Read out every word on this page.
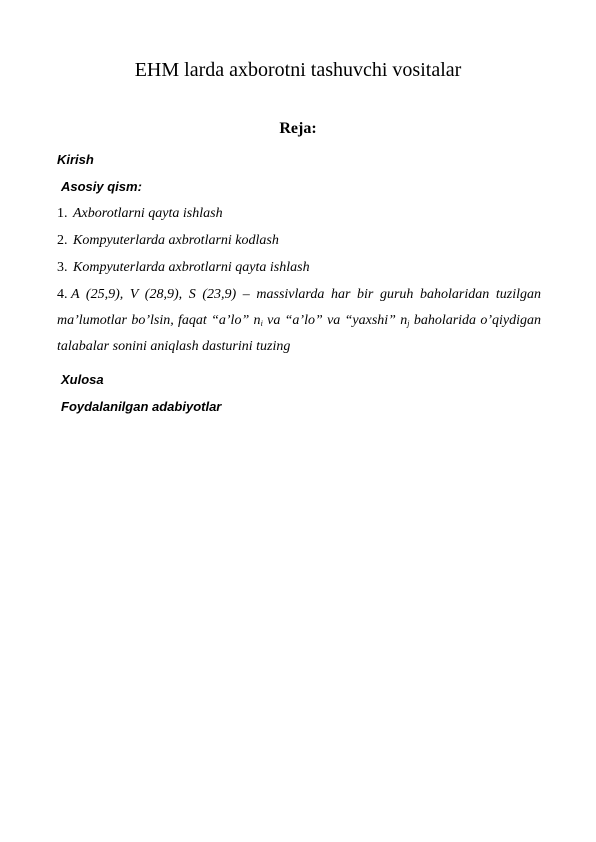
EHM larda axborotni tashuvchi vositalar
Reja:
Kirish
Asosiy qism:
1. Axborotlarni qayta ishlash
2. Kompyuterlarda axbrotlarni kodlash
3. Kompyuterlarda axbrotlarni qayta ishlash
4. A (25,9), V (28,9), S (23,9) – massivlarda har bir guruh baholaridan tuzilgan ma’lumotlar bo’lsin, faqat “a’lo” $n_i$ va “a’lo” va “yaxshi” $n_j$ baholarida o’qiydigan talabalar sonini aniqlash dasturini tuzing
Xulosa
Foydalanilgan adabiyotlar
